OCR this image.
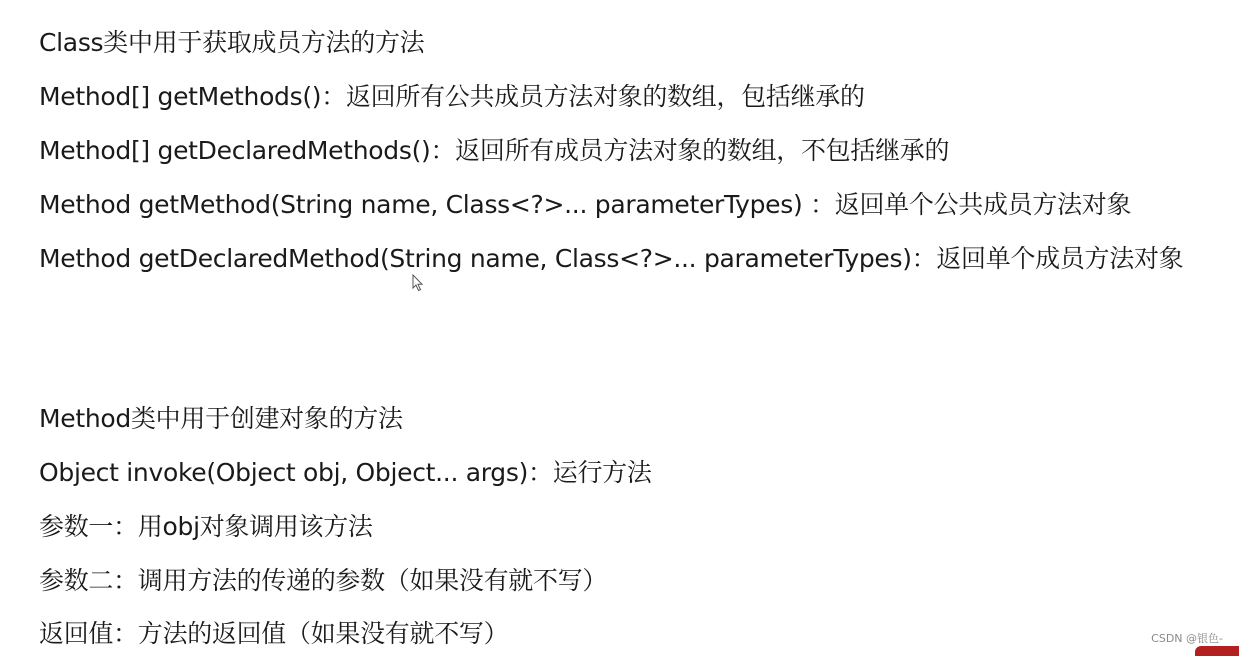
Class类中用于获取成员方法的方法
Method[] getMethods()：返回所有公共成员方法对象的数组，包括继承的
Method[] getDeclaredMethods()：返回所有成员方法对象的数组，不包括继承的
Method getMethod(String name, Class<?>... parameterTypes) ：返回单个公共成员方法对象
Method getDeclaredMethod(String name, Class<?>... parameterTypes)：返回单个成员方法对象
Method类中用于创建对象的方法
Object invoke(Object obj, Object... args)：运行方法
参数一：用obj对象调用该方法
参数二：调用方法的传递的参数（如果没有就不写）
返回值：方法的返回值（如果没有就不写）	CSDN @银色-
